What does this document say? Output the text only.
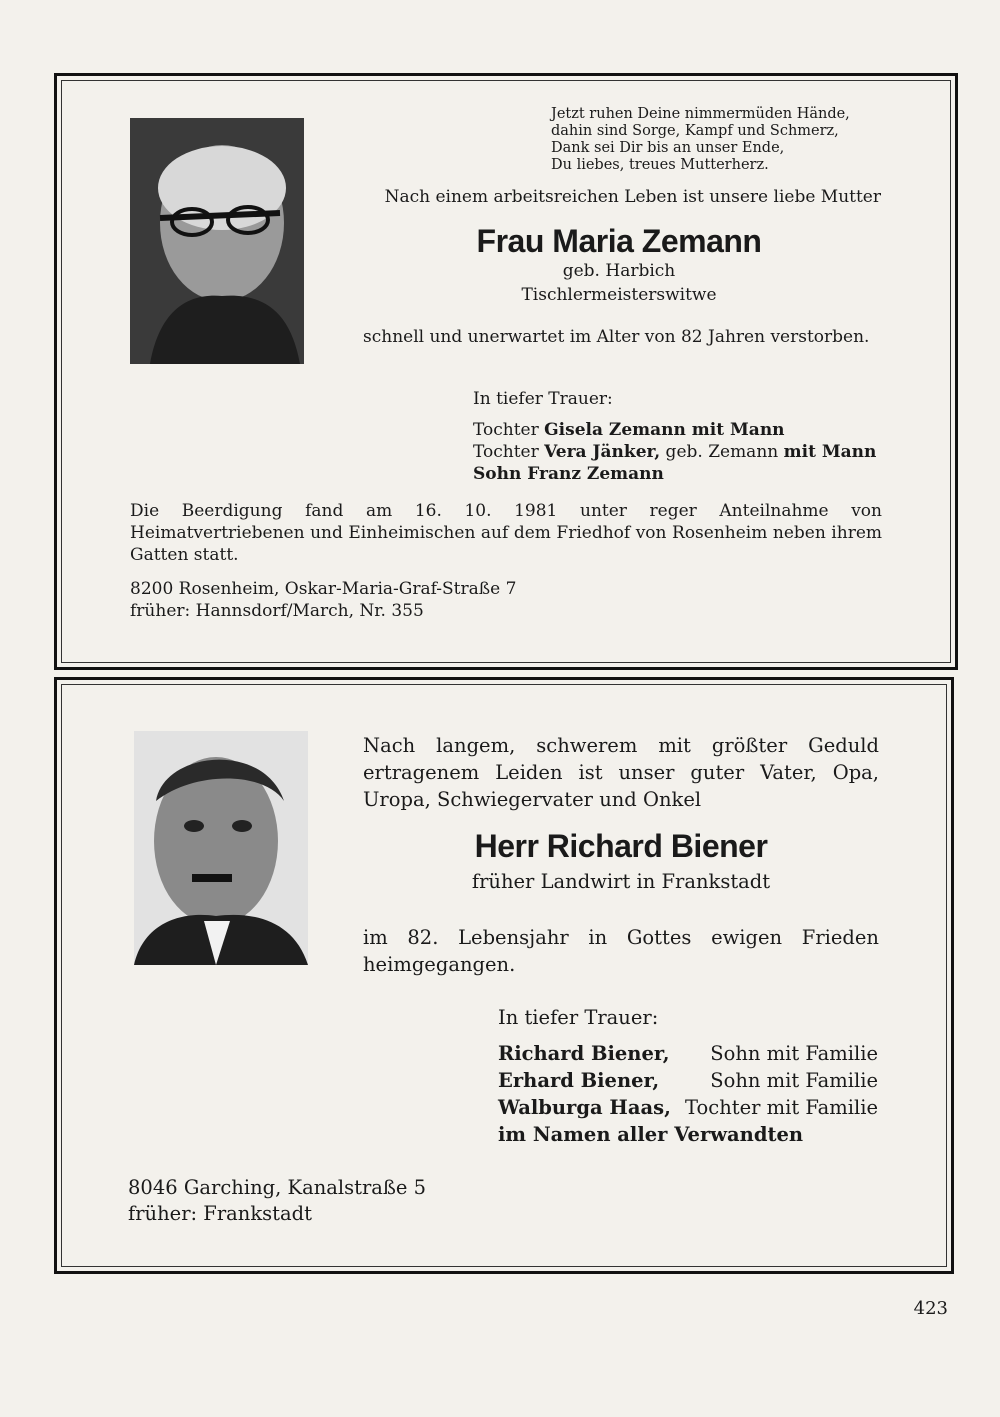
Jetzt ruhen Deine nimmermüden Hände,
dahin sind Sorge, Kampf und Schmerz,
Dank sei Dir bis an unser Ende,
Du liebes, treues Mutterherz.
Nach einem arbeitsreichen Leben ist unsere liebe Mutter
Frau Maria Zemann
geb. Harbich
Tischlermeisterswitwe
schnell und unerwartet im Alter von 82 Jahren verstorben.
In tiefer Trauer:
Tochter Gisela Zemann mit Mann
Tochter Vera Jänker, geb. Zemann mit Mann
Sohn Franz Zemann
Die Beerdigung fand am 16. 10. 1981 unter reger Anteilnahme von Heimatvertriebenen und Einheimischen auf dem Friedhof von Rosenheim neben ihrem Gatten statt.
8200 Rosenheim, Oskar-Maria-Graf-Straße 7
früher: Hannsdorf/March, Nr. 355
Nach langem, schwerem mit größter Geduld ertragenem Leiden ist unser guter Vater, Opa, Uropa, Schwiegervater und Onkel
Herr Richard Biener
früher Landwirt in Frankstadt
im 82. Lebensjahr in Gottes ewigen Frieden heimgegangen.
In tiefer Trauer:
Richard Biener, Sohn mit Familie
Erhard Biener,	Sohn mit Familie
Walburga Haas, Tochter mit Familie
im Namen aller Verwandten
8046 Garching, Kanalstraße 5
früher: Frankstadt
423
